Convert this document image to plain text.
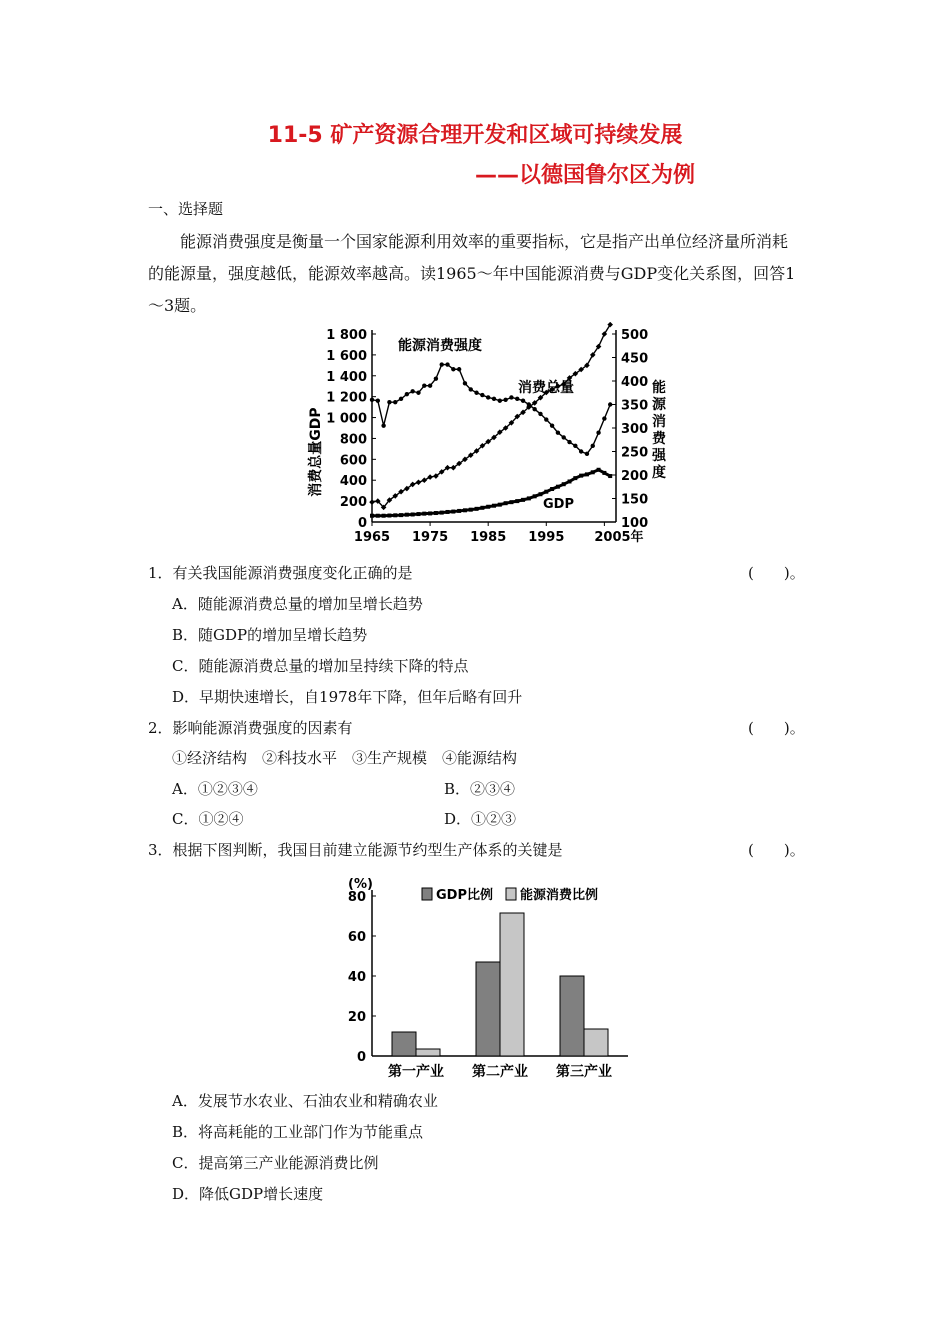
11-5 矿产资源合理开发和区域可持续发展
——以德国鲁尔区为例
一、选择题
能源消费强度是衡量一个国家能源利用效率的重要指标，它是指产出单位经济量所消耗的能源量，强度越低，能源效率越高。读1965～年中国能源消费与GDP变化关系图，回答1～3题。
消费总量GDP
能源消费强度
0
200
400
600
800
1 000
1 200
1 400
1 600
1 800
100
150
200
250
300
350
400
450
500
1965 1975 1985 1995 2005年
能源消费强度
消费总量
GDP
1．有关我国能源消费强度变化正确的是	(　　)。
A．随能源消费总量的增加呈增长趋势
B．随GDP的增加呈增长趋势
C．随能源消费总量的增加呈持续下降的特点
D．早期快速增长，自1978年下降，但年后略有回升
2．影响能源消费强度的因素有	(　　)。
①经济结构　②科技水平　③生产规模　④能源结构
A．①②③④	B．②③④
C．①②④	D．①②③
3．根据下图判断，我国目前建立能源节约型生产体系的关键是	(　　)。
(%)
GDP比例 能源消费比例
0
20
40
60
80
第一产业 第二产业 第三产业
A．发展节水农业、石油农业和精确农业
B．将高耗能的工业部门作为节能重点
C．提高第三产业能源消费比例
D．降低GDP增长速度
